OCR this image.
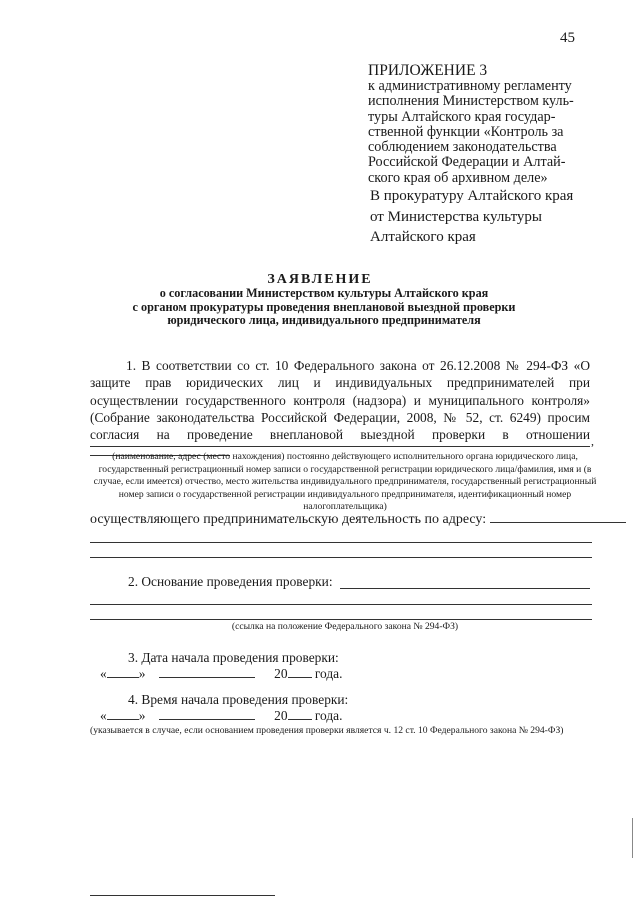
45
ПРИЛОЖЕНИЕ 3
к административному регламенту
исполнения Министерством куль-
туры Алтайского края государ-
ственной функции «Контроль за
соблюдением законодательства
Российской Федерации и Алтай-
ского края об архивном деле»
В прокуратуру Алтайского края
от Министерства культуры
Алтайского края
ЗАЯВЛЕНИЕ
о согласовании Министерством культуры Алтайского края
с органом прокуратуры проведения внеплановой выездной проверки
юридического лица, индивидуального предпринимателя
1. В соответствии со ст. 10 Федерального закона от 26.12.2008 № 294-ФЗ «О защите прав юридических лиц и индивидуальных предпринимателей при осуществлении государственного контроля (надзора) и муниципального контроля» (Собрание законодательства Российской Федерации, 2008, № 52, ст. 6249) просим согласия на проведение внеплановой выездной проверки в отношении ,
(наименование, адрес (место нахождения) постоянно действующего исполнительного органа юридического лица, государственный регистрационный номер записи о государственной регистрации юридического лица/фамилия, имя и (в случае, если имеется) отчество, место жительства индивидуального предпринимателя, государственный регистрационный номер записи о государственной регистрации индивидуального предпринимателя, идентификационный номер налогоплательщика)
осуществляющего предпринимательскую деятельность по адресу:
2. Основание проведения проверки:
(ссылка на положение Федерального закона № 294-ФЗ)
3. Дата начала проведения проверки:
« »	20 года.
4. Время начала проведения проверки:
« »	20 года.
(указывается в случае, если основанием проведения проверки является ч. 12 ст. 10 Федерального закона № 294-ФЗ)
